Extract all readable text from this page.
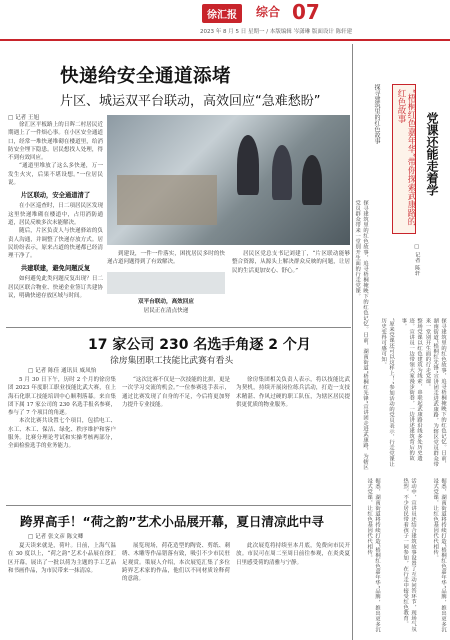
徐汇报	综合 07
2023 年 8 月 5 日 星期一 / 本版编辑 岑潇琳 版面设计 陈轩建
快递给安全通道添堵
片区、城运双平台联动，高效回应“急难愁盼”
□ 记者 王旭

徐汇区平板路上的日晖二村居民近期遇上了一件烦心事。在小区安全通道口，经常一堆快递堆砌在楼道里，给消防安全埋下隐患。居民想找人处理，得不到有效回应。

“通道里堆放了这么多快递，万一发生火灾，后果不堪设想。”一位居民说。

片区联动，安全通道清了

在小区巡查时，日二项居民区发现这里快递堆砌在楼道中，占用消防通道，居民反映多次未能解决。

随后，片区负责人与快递驿站的负责人沟通，并调整了快递存放方式。居民纷纷表示，原来占道的快递都已经清理干净了。

共建联建，避免问题反复

如何避免此类问题反复出现？日二居民区联合物业、快递企业签订共建协议，明确快递存放区域与时间。

到建设，一件一件落实，困扰居民多时的快递占道问题得到了有效解决。

居民区党总支书记刘建丁，“片区联动能够整合资源，从源头上解决群众反映的问题，让居民的生活更加安心、舒心。”

双平台联动，高效回应
居民正在清点快递
17 家公司 230 名选手角逐 2 个月
徐房集团职工技能比武赛有看头
□ 记者 陈佳 通讯员 威凤怡

5 月 30 日下午，历时 2 个月的徐房集团 2023 年度职工职业技能比武大赛，在上海石化职工技能培训中心顺利落幕。来自集团下属 17 家公司的 230 名选手报名参赛，参与了 7 个项目的角逐。

本次比赛共设置七个项目，包括电工、水工、木工、保洁、绿化、秩序维护和客户服务。比赛分理论考试和实操考核两部分，全面检验选手的业务能力。

“这次比赛不仅是一次技能的比拼，更是一次学习交流的机会。”一位参赛选手表示，通过比赛发现了自身的不足，今后将更加努力提升专业技能。

徐房集团相关负责人表示，将以技能比武为契机，持续开展岗位练兵活动，打造一支技术精湛、作风过硬的职工队伍，为辖区居民提供更优质的物业服务。

跨界高手！“荷之韵”艺术小品展开幕，夏日清凉此中寻
□ 记者 张文彦 陈文卿

夏天读来就是，荷叶。日前，上海气温在 30 度以上，“荷之韵”艺术小品展在徐汇区开幕，展出了一批以荷为主题的手工艺品和书画作品，为市民带来一抹清凉。

展览现场，荷花造型的陶瓷、剪纸、刺绣、木雕等作品错落有致，吸引不少市民驻足观赏。策展人介绍，本次展览汇集了多位跨界艺术家的作品，他们以不同材质诠释荷的意韵。

此次展览将持续至本月底，免费向市民开放。市民可在周二至周日前往参观，在炎炎夏日里感受荷的清雅与宁静。

党课还能走着学
“梧桐红色嘉年华”带你探索武康路的红色故事
探寻建筑里的红色故事
□ 记者 陈轩
探寻建筑里的红色故事，追寻梧桐掩映下的红色记忆。日前，湖南街道“梧桐红先锋”宣讲团走进武康路，为辖区党员群众带来一堂别开生面的行走党课。
整场党课以红色建筑为线索，串联起武康路沿线多处历史遗迹。宣讲员一边带领大家漫步街巷，一边讲述建筑背后的故事。
“原来党课还可以这样上！”参加活动的党员表示，行走党课让历史变得可感可知。
据悉，湖南街道将持续打造“梧桐红色嘉年华”品牌，推出更多沉浸式党课，让红色基因代代相传。
活动中，宣讲员还结合建筑故事设置了互动问答环节，现场气氛热烈。不少居民带着孩子一同参加，在行走中接受红色教育。
探寻建筑里的红色故事，追寻梧桐掩映下的红色记忆。日前，湖南街道“梧桐红先锋”宣讲团走进武康路，为辖区党员群众带来一堂别开生面的行走党课。
据悉，湖南街道将持续打造“梧桐红色嘉年华”品牌，推出更多沉浸式党课，让红色基因代代相传。
